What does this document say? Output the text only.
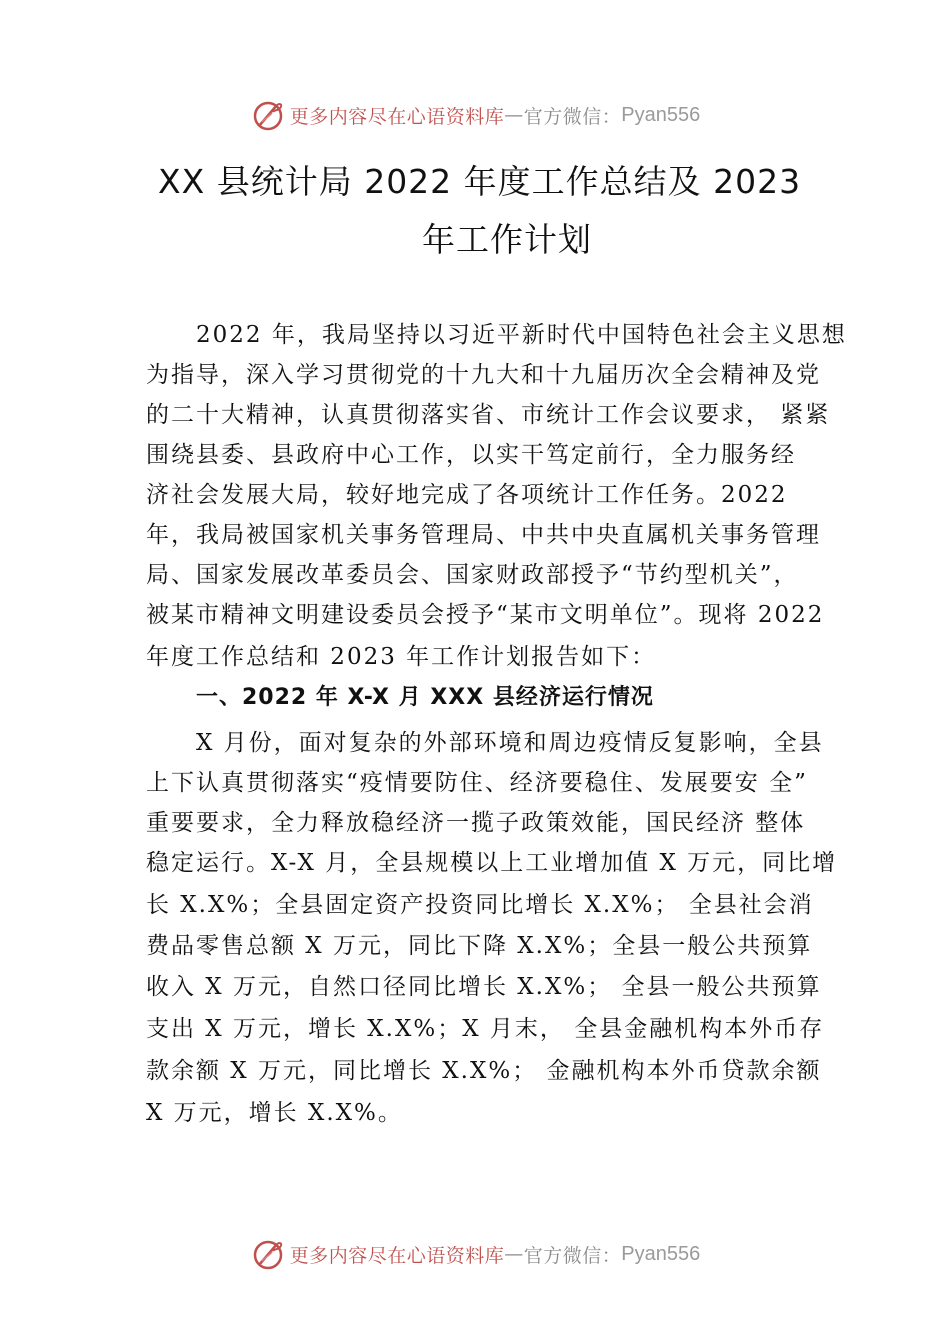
更多内容尽在心语资料库 — 官方微信： Pyan556
XX 县统计局 2022 年度工作总结及 2023
年工作计划
2022 年，我局坚持以习近平新时代中国特色社会主义思想
为指导，深入学习贯彻党的十九大和十九届历次全会精神及党
的二十大精神，认真贯彻落实省、市统计工作会议要求， 紧紧
围绕县委、县政府中心工作，以实干笃定前行，全力服务经
济社会发展大局，较好地完成了各项统计工作任务。2022
年，我局被国家机关事务管理局、中共中央直属机关事务管理
局、国家发展改革委员会、国家财政部授予“节约型机关”，
被某市精神文明建设委员会授予“某市文明单位”。现将 2022
年度工作总结和 2023 年工作计划报告如下：
一、2022 年 X-X 月 XXX 县经济运行情况
X 月份，面对复杂的外部环境和周边疫情反复影响，全县
上下认真贯彻落实“疫情要防住、经济要稳住、发展要安 全”
重要要求，全力释放稳经济一揽子政策效能，国民经济 整体
稳定运行。X-X 月，全县规模以上工业增加值 X 万元，同比增
长 X.X%；全县固定资产投资同比增长 X.X%； 全县社会消
费品零售总额 X 万元，同比下降 X.X%；全县一般公共预算
收入 X 万元，自然口径同比增长 X.X%； 全县一般公共预算
支出 X 万元，增长 X.X%；X 月末， 全县金融机构本外币存
款余额 X 万元，同比增长 X.X%； 金融机构本外币贷款余额
X 万元，增长 X.X%。
更多内容尽在心语资料库 — 官方微信： Pyan556
